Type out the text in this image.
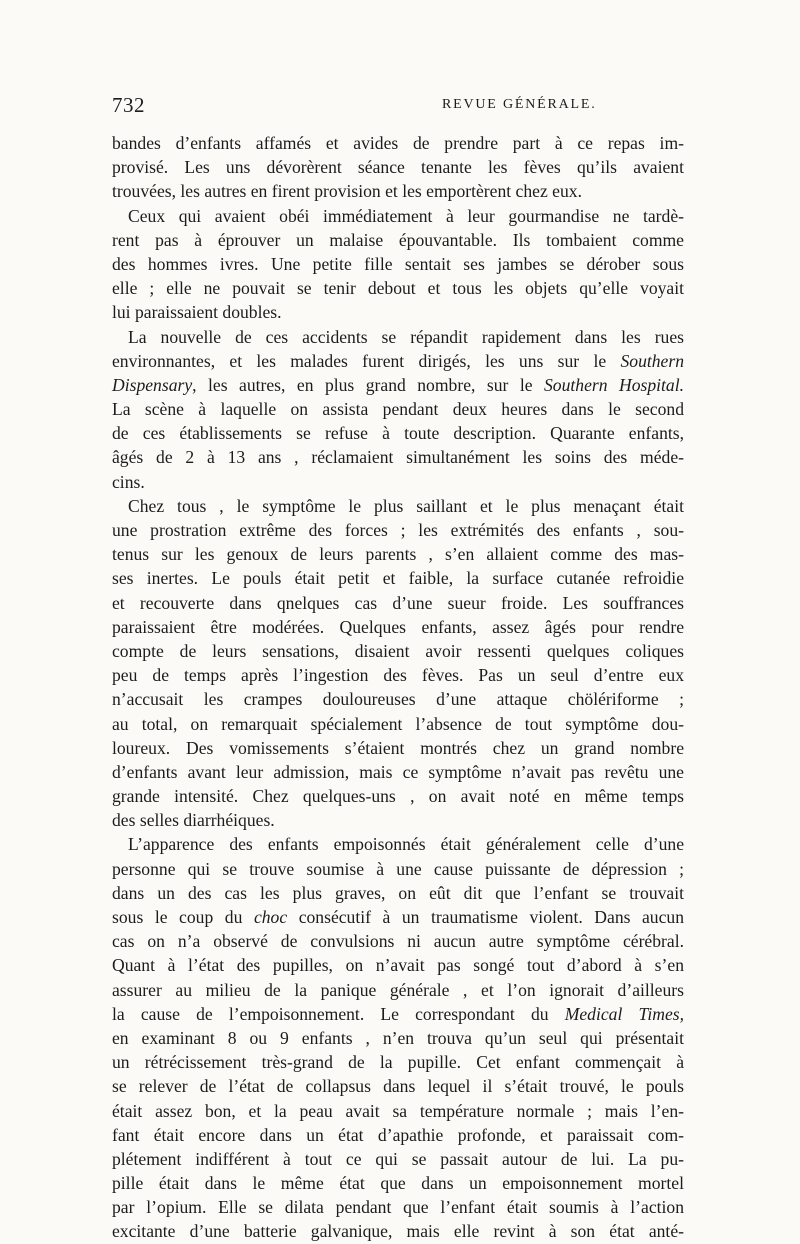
732	REVUE GÉNÉRALE.
bandes d’enfants affamés et avides de prendre part à ce repas im-
provisé. Les uns dévorèrent séance tenante les fèves qu’ils avaient
trouvées, les autres en firent provision et les emportèrent chez eux.
Ceux qui avaient obéi immédiatement à leur gourmandise ne tardè-
rent pas à éprouver un malaise épouvantable. Ils tombaient comme
des hommes ivres. Une petite fille sentait ses jambes se dérober sous
elle ; elle ne pouvait se tenir debout et tous les objets qu’elle voyait
lui paraissaient doubles.
La nouvelle de ces accidents se répandit rapidement dans les rues
environnantes, et les malades furent dirigés, les uns sur le Southern
Dispensary, les autres, en plus grand nombre, sur le Southern Hospital.
La scène à laquelle on assista pendant deux heures dans le second
de ces établissements se refuse à toute description. Quarante enfants,
âgés de 2 à 13 ans , réclamaient simultanément les soins des méde-
cins.
Chez tous , le symptôme le plus saillant et le plus menaçant était
une prostration extrême des forces ; les extrémités des enfants , sou-
tenus sur les genoux de leurs parents , s’en allaient comme des mas-
ses inertes. Le pouls était petit et faible, la surface cutanée refroidie
et recouverte dans qnelques cas d’une sueur froide. Les souffrances
paraissaient être modérées. Quelques enfants, assez âgés pour rendre
compte de leurs sensations, disaient avoir ressenti quelques coliques
peu de temps après l’ingestion des fèves. Pas un seul d’entre eux
n’accusait les crampes douloureuses d’une attaque chölériforme ;
au total, on remarquait spécialement l’absence de tout symptôme dou-
loureux. Des vomissements s’étaient montrés chez un grand nombre
d’enfants avant leur admission, mais ce symptôme n’avait pas revêtu une
grande intensité. Chez quelques-uns , on avait noté en même temps
des selles diarrhéiques.
L’apparence des enfants empoisonnés était généralement celle d’une
personne qui se trouve soumise à une cause puissante de dépression ;
dans un des cas les plus graves, on eût dit que l’enfant se trouvait
sous le coup du choc consécutif à un traumatisme violent. Dans aucun
cas on n’a observé de convulsions ni aucun autre symptôme cérébral.
Quant à l’état des pupilles, on n’avait pas songé tout d’abord à s’en
assurer au milieu de la panique générale , et l’on ignorait d’ailleurs
la cause de l’empoisonnement. Le correspondant du Medical Times,
en examinant 8 ou 9 enfants , n’en trouva qu’un seul qui présentait
un rétrécissement très-grand de la pupille. Cet enfant commençait à
se relever de l’état de collapsus dans lequel il s’était trouvé, le pouls
était assez bon, et la peau avait sa température normale ; mais l’en-
fant était encore dans un état d’apathie profonde, et paraissait com-
plétement indifférent à tout ce qui se passait autour de lui. La pu-
pille était dans le même état que dans un empoisonnement mortel
par l’opium. Elle se dilata pendant que l’enfant était soumis à l’action
excitante d’une batterie galvanique, mais elle revint à son état anté-
